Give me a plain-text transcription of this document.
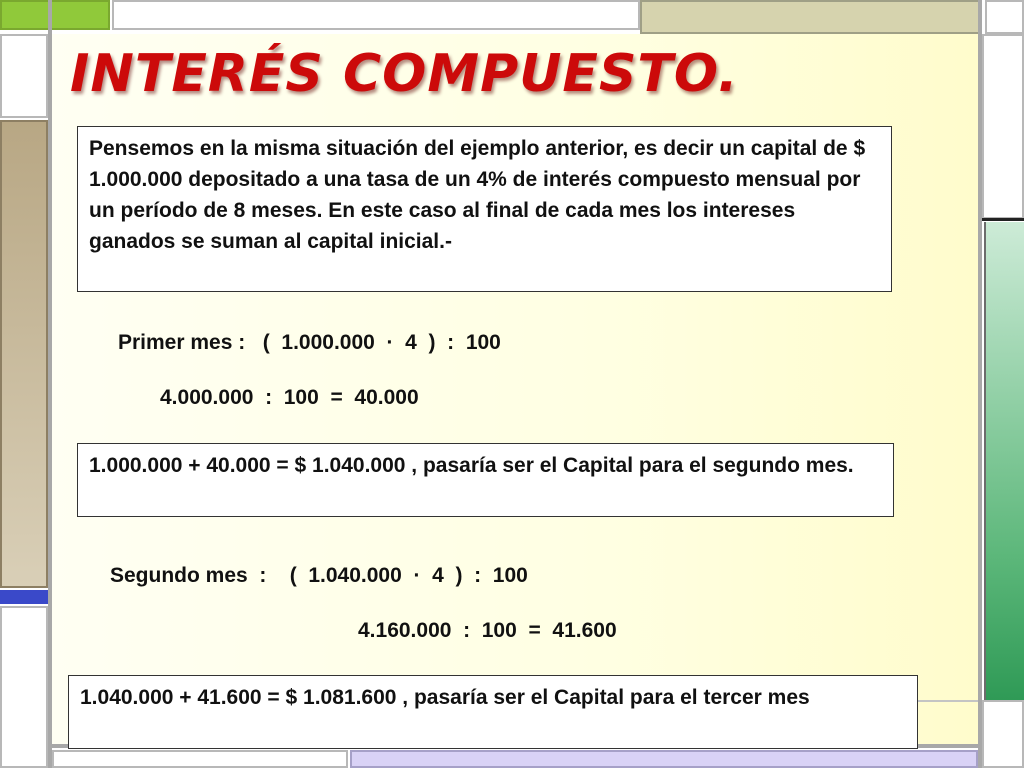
INTERÉS COMPUESTO.
Pensemos en la misma situación del ejemplo anterior, es decir un capital de $ 1.000.000 depositado a una tasa de un 4% de interés compuesto mensual por un período de 8 meses. En este caso al final de cada mes los intereses ganados se suman al capital inicial.-
Primer mes :   (  1.000.000  ·  4  )  :  100
4.000.000  :  100  =  40.000
1.000.000 + 40.000 = $ 1.040.000 , pasaría ser el Capital para el segundo mes.
Segundo mes  :    (  1.040.000  ·  4  )  :  100
4.160.000  :  100  =  41.600
1.040.000 + 41.600 = $ 1.081.600 , pasaría ser el Capital para el tercer mes
